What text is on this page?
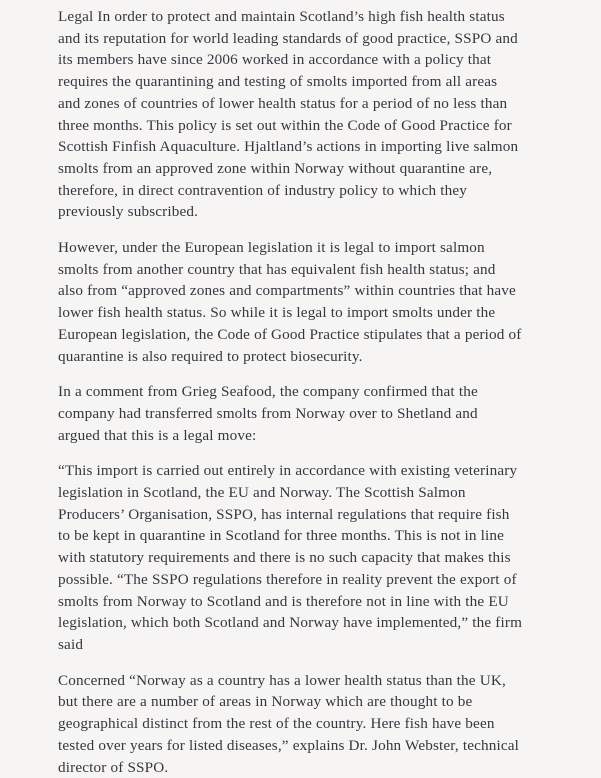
Legal In order to protect and maintain Scotland’s high fish health status and its reputation for world leading standards of good practice, SSPO and its members have since 2006 worked in accordance with a policy that requires the quarantining and testing of smolts imported from all areas and zones of countries of lower health status for a period of no less than three months. This policy is set out within the Code of Good Practice for Scottish Finfish Aquaculture. Hjaltland’s actions in importing live salmon smolts from an approved zone within Norway without quarantine are, therefore, in direct contravention of industry policy to which they previously subscribed.

However, under the European legislation it is legal to import salmon smolts from another country that has equivalent fish health status; and also from “approved zones and compartments” within countries that have lower fish health status. So while it is legal to import smolts under the European legislation, the Code of Good Practice stipulates that a period of quarantine is also required to protect biosecurity.

In a comment from Grieg Seafood, the company confirmed that the company had transferred smolts from Norway over to Shetland and argued that this is a legal move:

“This import is carried out entirely in accordance with existing veterinary legislation in Scotland, the EU and Norway. The Scottish Salmon Producers’ Organisation, SSPO, has internal regulations that require fish to be kept in quarantine in Scotland for three months. This is not in line with statutory requirements and there is no such capacity that makes this possible. “The SSPO regulations therefore in reality prevent the export of smolts from Norway to Scotland and is therefore not in line with the EU legislation, which both Scotland and Norway have implemented,” the firm said

Concerned “Norway as a country has a lower health status than the UK, but there are a number of areas in Norway which are thought to be geographical distinct from the rest of the country. Here fish have been tested over years for listed diseases,” explains Dr. John Webster, technical director of SSPO.
